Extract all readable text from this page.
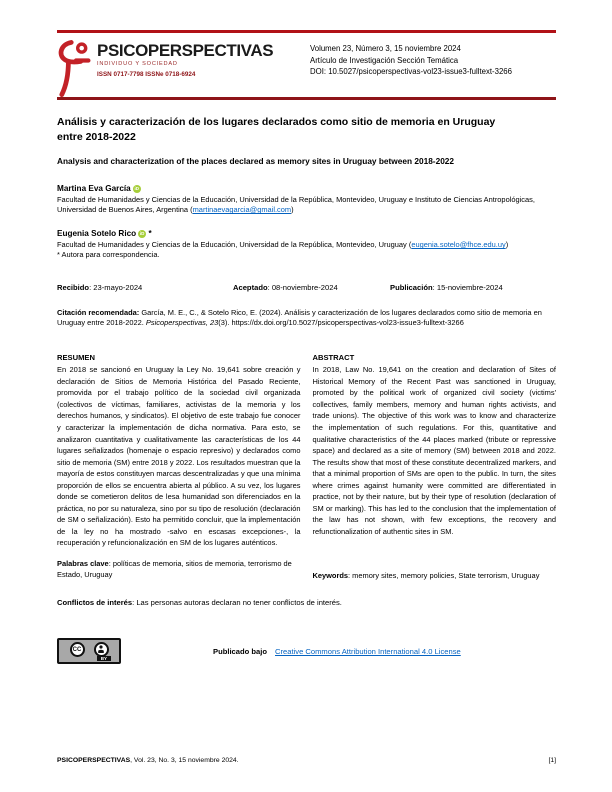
PSICOPERSPECTIVAS
INDIVIDUO Y SOCIEDAD
ISSN 0717-7798 ISSNe 0718-6924
Volumen 23, Número 3, 15 noviembre 2024
Artículo de Investigación Sección Temática
DOI: 10.5027/psicoperspectivas-vol23-issue3-fulltext-3266
Análisis y caracterización de los lugares declarados como sitio de memoria en Uruguay entre 2018-2022
Analysis and characterization of the places declared as memory sites in Uruguay between 2018-2022
Martina Eva García iD
Facultad de Humanidades y Ciencias de la Educación, Universidad de la República, Montevideo, Uruguay e Instituto de Ciencias Antropológicas, Universidad de Buenos Aires, Argentina (martinaevagarcia@gmail.com)
Eugenia Sotelo Rico iD *
Facultad de Humanidades y Ciencias de la Educación, Universidad de la República, Montevideo, Uruguay (eugenia.sotelo@fhce.edu.uy)
* Autora para correspondencia.
Recibido: 23-mayo-2024	Aceptado: 08-noviembre-2024	Publicación: 15-noviembre-2024
Citación recomendada: García, M. E., C., & Sotelo Rico, E. (2024). Análisis y caracterización de los lugares declarados como sitio de memoria en Uruguay entre 2018-2022. Psicoperspectivas, 23(3). https://dx.doi.org/10.5027/psicoperspectivas-vol23-issue3-fulltext-3266
RESUMEN
En 2018 se sancionó en Uruguay la Ley No. 19,641 sobre creación y declaración de Sitios de Memoria Histórica del Pasado Reciente, promovida por el trabajo político de la sociedad civil organizada (colectivos de víctimas, familiares, activistas de la memoria y los derechos humanos, y sindicatos). El objetivo de este trabajo fue conocer y caracterizar la implementación de dicha normativa. Para esto, se analizaron cuantitativa y cualitativamente las características de los 44 lugares señalizados (homenaje o espacio represivo) y declarados como sitio de memoria (SM) entre 2018 y 2022. Los resultados muestran que la mayoría de estos constituyen marcas descentralizadas y que una mínima proporción de ellos se encuentra abierta al público. A su vez, los lugares donde se cometieron delitos de lesa humanidad son diferenciados en la práctica, no por su naturaleza, sino por su tipo de resolución (declaración de SM o señalización). Esto ha permitido concluir, que la implementación de la ley no ha mostrado -salvo en escasas excepciones-, la recuperación y refuncionalización en SM de los lugares auténticos.
Palabras clave: políticas de memoria, sitios de memoria, terrorismo de Estado, Uruguay
ABSTRACT
In 2018, Law No. 19,641 on the creation and declaration of Sites of Historical Memory of the Recent Past was sanctioned in Uruguay, promoted by the political work of organized civil society (victims' collectives, family members, memory and human rights activists, and trade unions). The objective of this work was to know and characterize the implementation of such regulations. For this, quantitative and qualitative characteristics of the 44 places marked (tribute or repressive space) and declared as a site of memory (SM) between 2018 and 2022. The results show that most of these constitute decentralized markers, and that a minimal proportion of SMs are open to the public. In turn, the sites where crimes against humanity were committed are differentiated in practice, not by their nature, but by their type of resolution (declaration of SM or marking). This has led to the conclusion that the implementation of the law has not shown, with few exceptions, the recovery and refunctionalization of authentic sites in SM.
Keywords: memory sites, memory policies, State terrorism, Uruguay
Conflictos de interés: Las personas autoras declaran no tener conflictos de interés.
CC
BY
Publicado bajo Creative Commons Attribution International 4.0 License
PSICOPERSPECTIVAS, Vol. 23, No. 3, 15 noviembre 2024.	[1]
